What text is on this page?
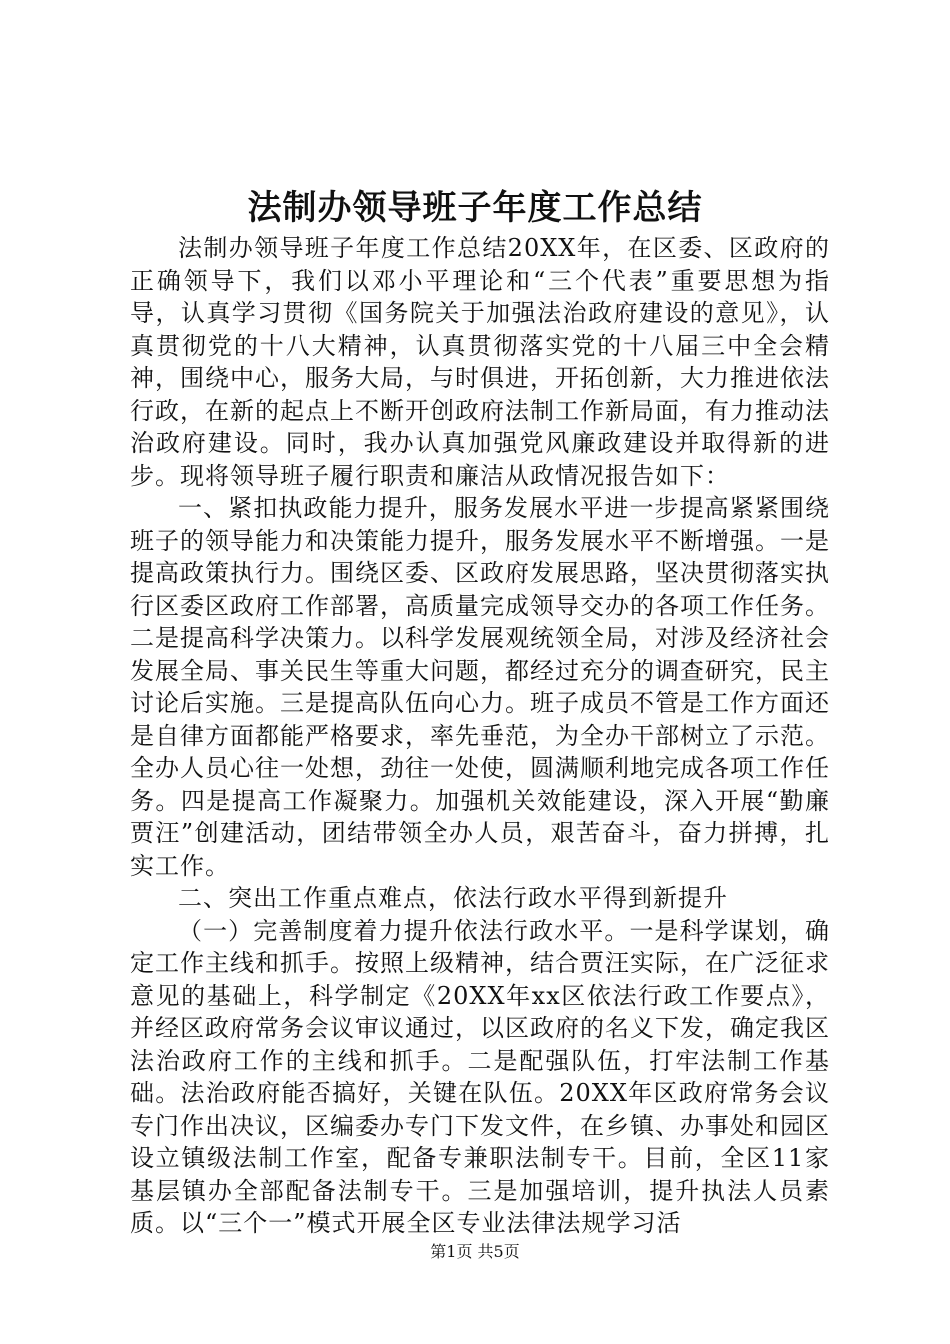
法制办领导班子年度工作总结

法制办领导班子年度工作总结20XX年，在区委、区政府的正确领导下，我们以邓小平理论和“三个代表”重要思想为指导，认真学习贯彻《国务院关于加强法治政府建设的意见》，认真贯彻党的十八大精神，认真贯彻落实党的十八届三中全会精神，围绕中心，服务大局，与时俱进，开拓创新，大力推进依法行政，在新的起点上不断开创政府法制工作新局面，有力推动法治政府建设。同时，我办认真加强党风廉政建设并取得新的进步。现将领导班子履行职责和廉洁从政情况报告如下：

一、紧扣执政能力提升，服务发展水平进一步提高紧紧围绕班子的领导能力和决策能力提升，服务发展水平不断增强。一是提高政策执行力。围绕区委、区政府发展思路，坚决贯彻落实执行区委区政府工作部署，高质量完成领导交办的各项工作任务。二是提高科学决策力。以科学发展观统领全局，对涉及经济社会发展全局、事关民生等重大问题，都经过充分的调查研究，民主讨论后实施。三是提高队伍向心力。班子成员不管是工作方面还是自律方面都能严格要求，率先垂范，为全办干部树立了示范。全办人员心往一处想，劲往一处使，圆满顺利地完成各项工作任务。四是提高工作凝聚力。加强机关效能建设，深入开展“勤廉贾汪”创建活动，团结带领全办人员，艰苦奋斗，奋力拼搏，扎实工作。

二、突出工作重点难点，依法行政水平得到新提升

（一）完善制度着力提升依法行政水平。一是科学谋划，确定工作主线和抓手。按照上级精神，结合贾汪实际，在广泛征求意见的基础上，科学制定《20XX年xx区依法行政工作要点》，并经区政府常务会议审议通过，以区政府的名义下发，确定我区法治政府工作的主线和抓手。二是配强队伍，打牢法制工作基础。法治政府能否搞好，关键在队伍。20XX年区政府常务会议专门作出决议，区编委办专门下发文件，在乡镇、办事处和园区设立镇级法制工作室，配备专兼职法制专干。目前，全区11家基层镇办全部配备法制专干。三是加强培训，提升执法人员素质。以“三个一”模式开展全区专业法律法规学习活

第1页 共5页
